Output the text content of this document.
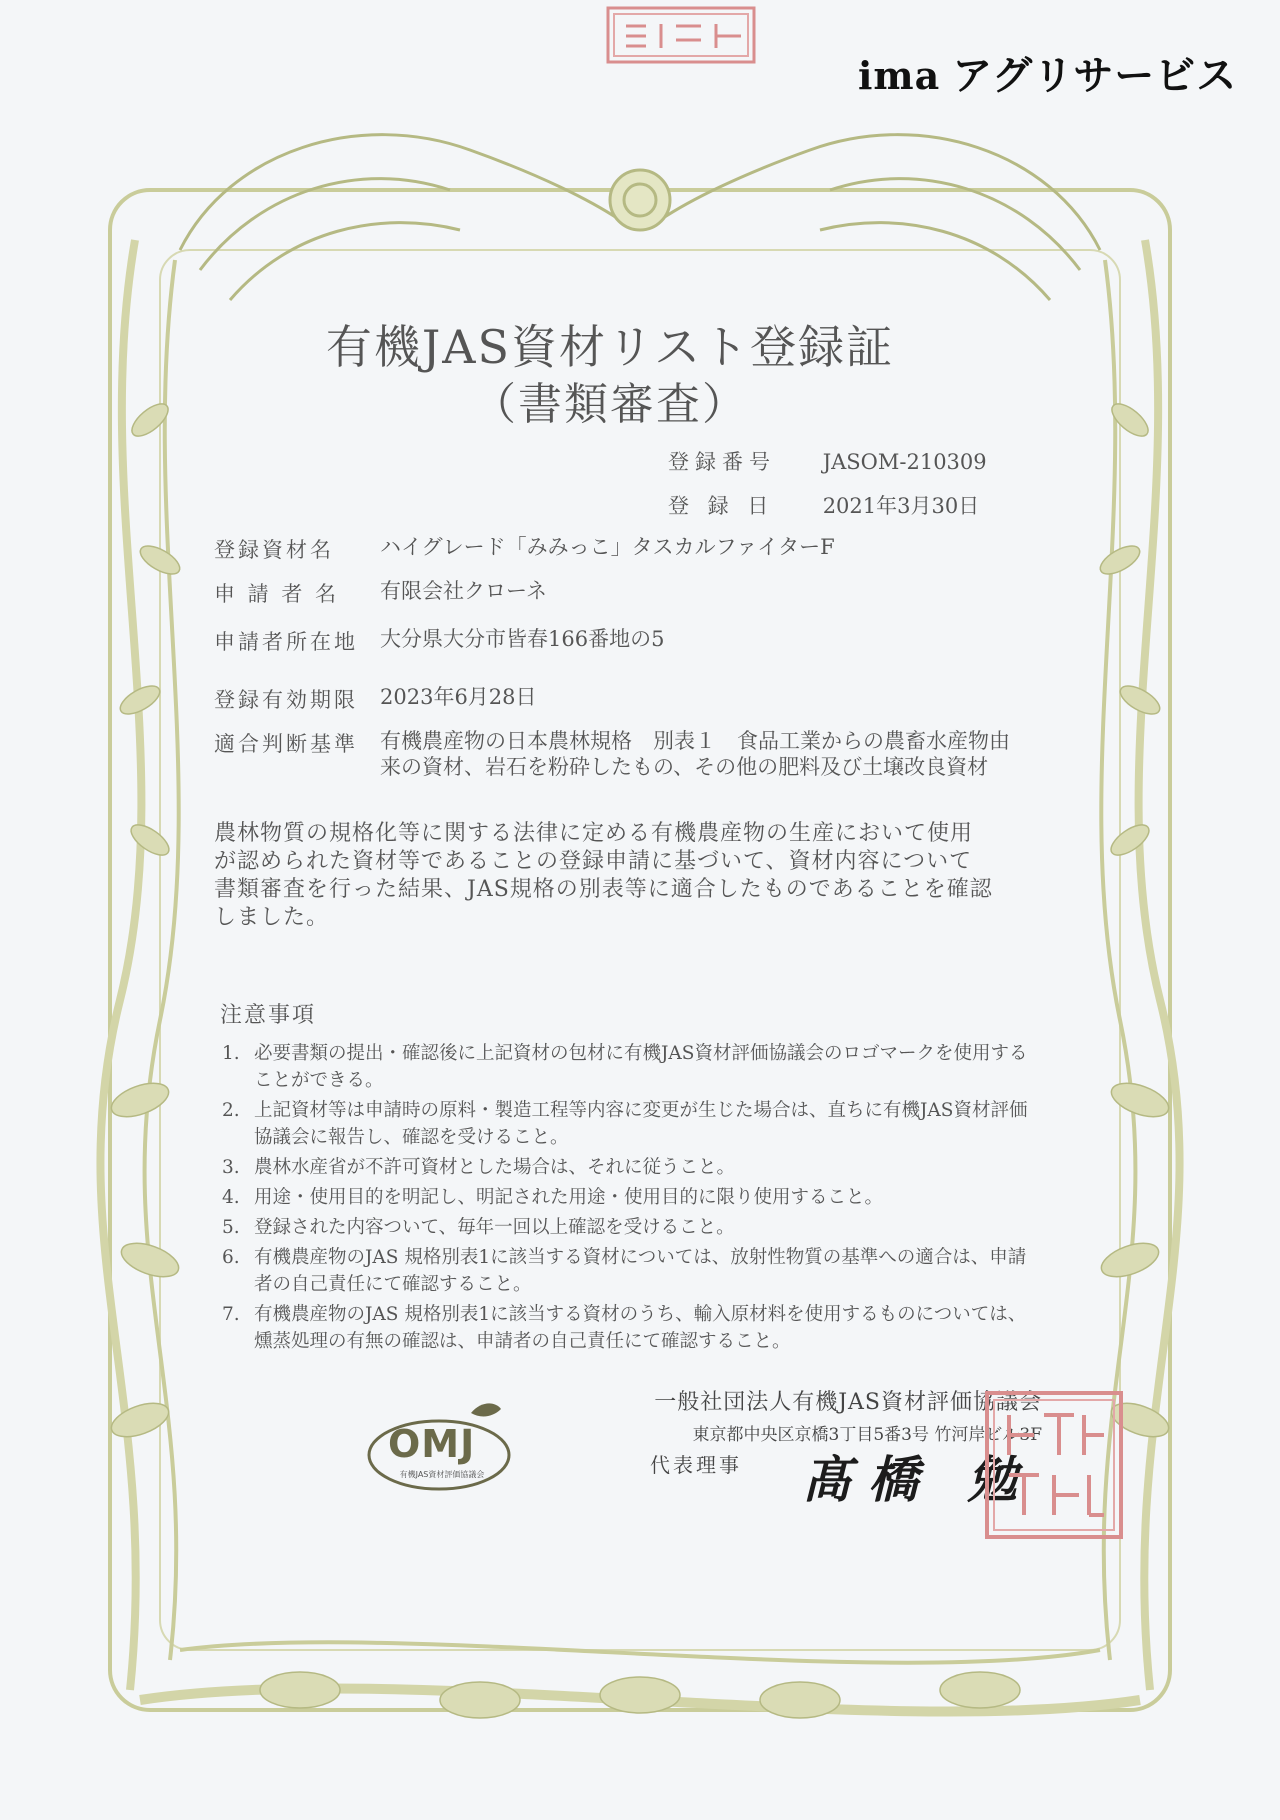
ima アグリサービス
有機JAS資材リスト登録証
（書類審査）
登録番号 JASOM-210309
登 録 日 2021年3月30日
登録資材名	ハイグレード「みみっこ」タスカルファイターF
申 請 者 名	有限会社クローネ
申請者所在地 大分県大分市皆春166番地の5
登録有効期限 2023年6月28日
適合判断基準 有機農産物の日本農林規格　別表１　食品工業からの農畜水産物由来の資材、岩石を粉砕したもの、その他の肥料及び土壌改良資材
農林物質の規格化等に関する法律に定める有機農産物の生産において使用が認められた資材等であることの登録申請に基づいて、資材内容について書類審査を行った結果、JAS規格の別表等に適合したものであることを確認しました。
注意事項
1. 必要書類の提出・確認後に上記資材の包材に有機JAS資材評価協議会のロゴマークを使用することができる。
2. 上記資材等は申請時の原料・製造工程等内容に変更が生じた場合は、直ちに有機JAS資材評価協議会に報告し、確認を受けること。
3. 農林水産省が不許可資材とした場合は、それに従うこと。
4. 用途・使用目的を明記し、明記された用途・使用目的に限り使用すること。
5. 登録された内容ついて、毎年一回以上確認を受けること。
6. 有機農産物のJAS 規格別表1に該当する資材については、放射性物質の基準への適合は、申請者の自己責任にて確認すること。
7. 有機農産物のJAS 規格別表1に該当する資材のうち、輸入原材料を使用するものについては、燻蒸処理の有無の確認は、申請者の自己責任にて確認すること。
OMJ
有機JAS資材評価協議会
一般社団法人有機JAS資材評価協議会
東京都中央区京橋3丁目5番3号 竹河岸ビル3F
代表理事 髙橋 勉
